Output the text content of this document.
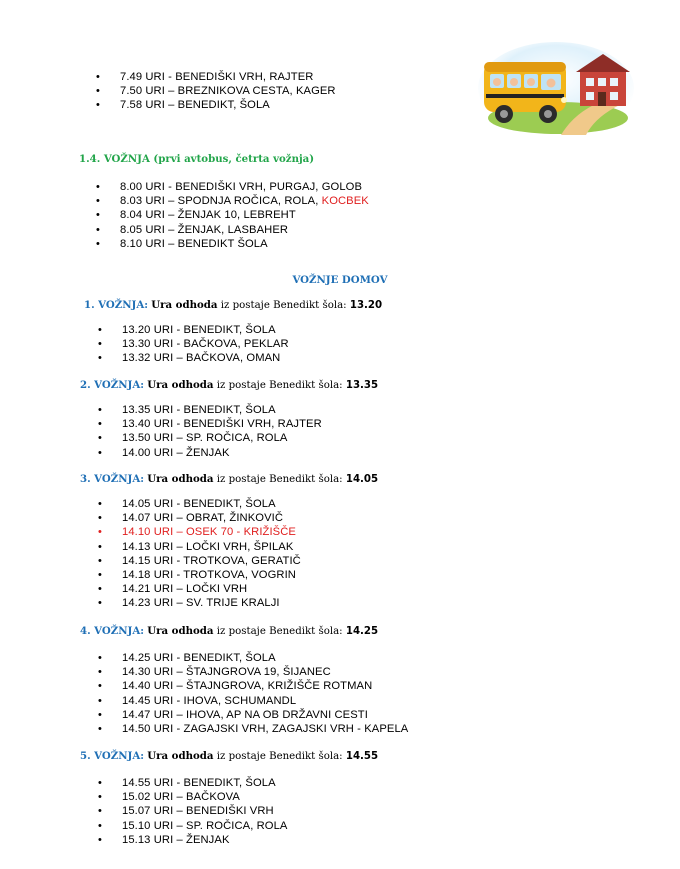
• 7.49 URI - BENEDIŠKI VRH, RAJTER
• 7.50 URI – BREZNIKOVA CESTA, KAGER
• 7.58 URI – BENEDIKT, ŠOLA
1.4. VOŽNJA (prvi avtobus, četrta vožnja)
• 8.00 URI - BENEDIŠKI VRH, PURGAJ, GOLOB
• 8.03 URI – SPODNJA ROČICA, ROLA, KOCBEK
• 8.04 URI – ŽENJAK 10, LEBREHT
• 8.05 URI – ŽENJAK, LASBAHER
• 8.10 URI – BENEDIKT ŠOLA
VOŽNJE DOMOV
1. VOŽNJA: Ura odhoda iz postaje Benedikt šola: 13.20
• 13.20 URI - BENEDIKT, ŠOLA
• 13.30 URI - BAČKOVA, PEKLAR
• 13.32 URI – BAČKOVA, OMAN
2. VOŽNJA: Ura odhoda iz postaje Benedikt šola: 13.35
• 13.35 URI - BENEDIKT, ŠOLA
• 13.40 URI - BENEDIŠKI VRH, RAJTER
• 13.50 URI – SP. ROČICA, ROLA
• 14.00 URI – ŽENJAK
3. VOŽNJA: Ura odhoda iz postaje Benedikt šola: 14.05
• 14.05 URI - BENEDIKT, ŠOLA
• 14.07 URI – OBRAT, ŽINKOVIČ
• 14.10 URI – OSEK 70 - KRIŽIŠČE
• 14.13 URI – LOČKI VRH, ŠPILAK
• 14.15 URI - TROTKOVA, GERATIČ
• 14.18 URI - TROTKOVA, VOGRIN
• 14.21 URI – LOČKI VRH
• 14.23 URI – SV. TRIJE KRALJI
4. VOŽNJA: Ura odhoda iz postaje Benedikt šola: 14.25
• 14.25 URI - BENEDIKT, ŠOLA
• 14.30 URI – ŠTAJNGROVA 19, ŠIJANEC
• 14.40 URI – ŠTAJNGROVA, KRIŽIŠČE ROTMAN
• 14.45 URI - IHOVA, SCHUMANDL
• 14.47 URI – IHOVA, AP NA OB DRŽAVNI CESTI
• 14.50 URI - ZAGAJSKI VRH, ZAGAJSKI VRH - KAPELA
5. VOŽNJA: Ura odhoda iz postaje Benedikt šola: 14.55
• 14.55 URI - BENEDIKT, ŠOLA
• 15.02 URI – BAČKOVA
• 15.07 URI – BENEDIŠKI VRH
• 15.10 URI – SP. ROČICA, ROLA
• 15.13 URI – ŽENJAK
